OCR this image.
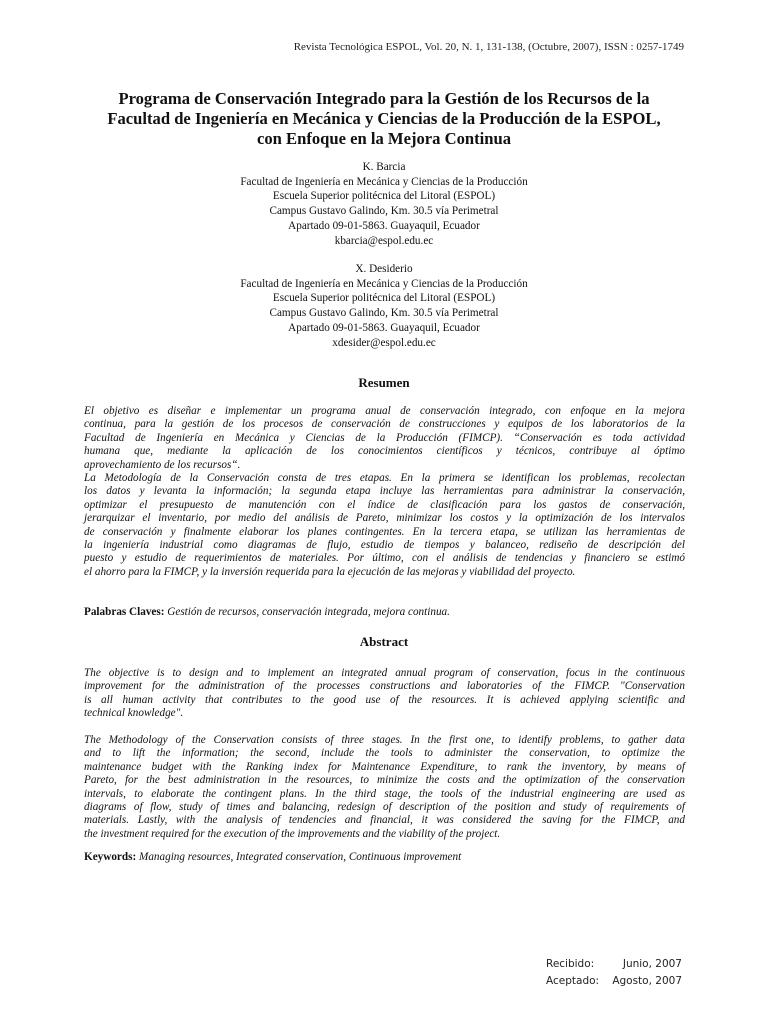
Revista Tecnológica ESPOL, Vol. 20, N. 1, 131-138, (Octubre, 2007), ISSN : 0257-1749
Programa de Conservación Integrado para la Gestión de los Recursos de la
Facultad de Ingeniería en Mecánica y Ciencias de la Producción de la ESPOL,
con Enfoque en la Mejora Continua
K. Barcia
Facultad de Ingeniería en Mecánica y Ciencias de la Producción
Escuela Superior politécnica del Litoral (ESPOL)
Campus Gustavo Galindo, Km. 30.5 vía Perimetral
Apartado 09-01-5863. Guayaquil, Ecuador
kbarcia@espol.edu.ec
X. Desiderio
Facultad de Ingeniería en Mecánica y Ciencias de la Producción
Escuela Superior politécnica del Litoral (ESPOL)
Campus Gustavo Galindo, Km. 30.5 vía Perimetral
Apartado 09-01-5863. Guayaquil, Ecuador
xdesider@espol.edu.ec
Resumen
El objetivo es diseñar e implementar un programa anual de conservación integrado, con enfoque en la mejora
continua, para la gestión de los procesos de conservación de construcciones y equipos de los laboratorios de la
Facultad de Ingeniería en Mecánica y Ciencias de la Producción (FIMCP). “Conservación es toda actividad
humana que, mediante la aplicación de los conocimientos científicos y técnicos, contribuye al óptimo
aprovechamiento de los recursos“.
La Metodología de la Conservación consta de tres etapas. En la primera se identifican los problemas, recolectan
los datos y levanta la información; la segunda etapa incluye las herramientas para administrar la conservación,
optimizar el presupuesto de manutención con el índice de clasificación para los gastos de conservación,
jerarquizar el inventario, por medio del análisis de Pareto, minimizar los costos y la optimización de los intervalos
de conservación y finalmente elaborar los planes contingentes. En la tercera etapa, se utilizan las herramientas de
la ingeniería industrial como diagramas de flujo, estudio de tiempos y balanceo, rediseño de descripción del
puesto y estudio de requerimientos de materiales. Por último, con el análisis de tendencias y financiero se estimó
el ahorro para la FIMCP, y la inversión requerida para la ejecución de las mejoras y viabilidad del proyecto.
Palabras Claves: Gestión de recursos, conservación integrada, mejora continua.
Abstract
The objective is to design and to implement an integrated annual program of conservation, focus in the continuous
improvement for the administration of the processes constructions and laboratories of the FIMCP. "Conservation
is all human activity that contributes to the good use of the resources. It is achieved applying scientific and
technical knowledge".
The Methodology of the Conservation consists of three stages. In the first one, to identify problems, to gather data
and to lift the information; the second, include the tools to administer the conservation, to optimize the
maintenance budget with the Ranking index for Maintenance Expenditure, to rank the inventory, by means of
Pareto, for the best administration in the resources, to minimize the costs and the optimization of the conservation
intervals, to elaborate the contingent plans. In the third stage, the tools of the industrial engineering are used as
diagrams of flow, study of times and balancing, redesign of description of the position and study of requirements of
materials. Lastly, with the analysis of tendencies and financial, it was considered the saving for the FIMCP, and
the investment required for the execution of the improvements and the viability of the project.
Keywords: Managing resources, Integrated conservation, Continuous improvement
Recibido:	Junio, 2007
Aceptado: Agosto, 2007
